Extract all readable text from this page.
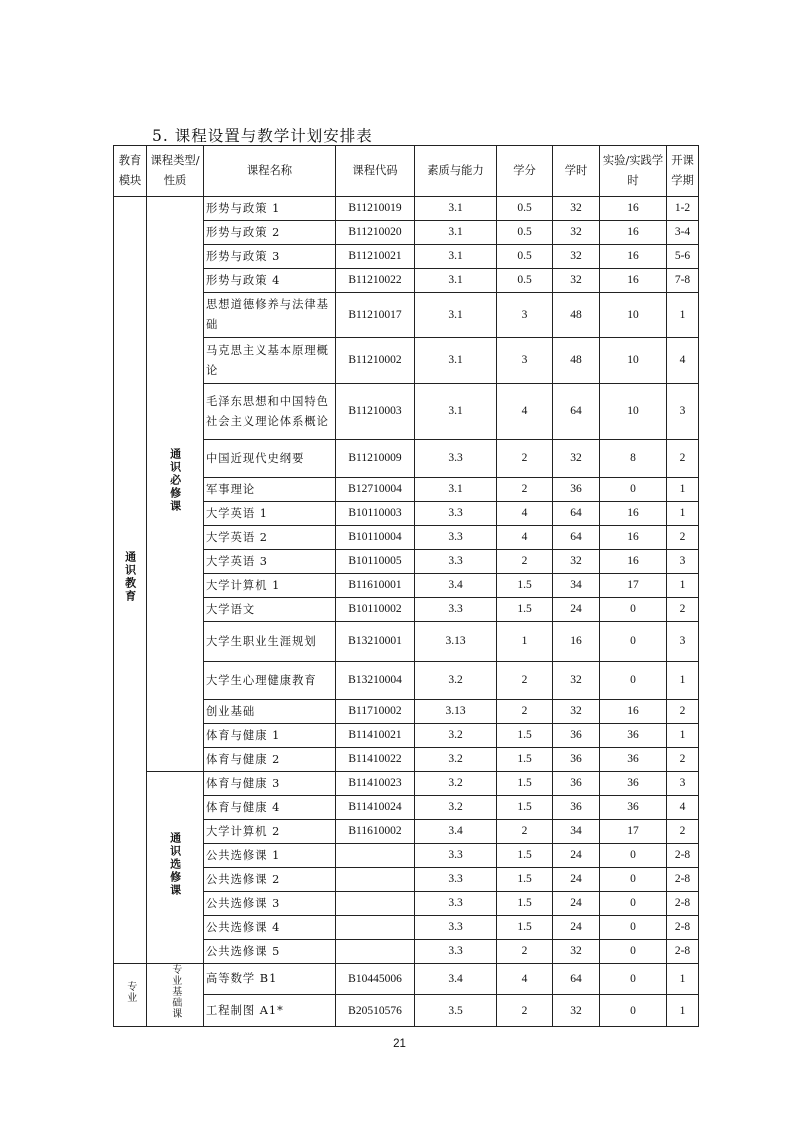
5. 课程设置与教学计划安排表
教育模块	课程类型/性质	课程名称	课程代码	素质与能力	学分	学时	实验/实践学时	开课学期
通识教育	通识必修课	形势与政策 1	B11210019	3.1	0.5	32	16	1-2
		形势与政策 2	B11210020	3.1	0.5	32	16	3-4
		形势与政策 3	B11210021	3.1	0.5	32	16	5-6
		形势与政策 4	B11210022	3.1	0.5	32	16	7-8
		思想道德修养与法律基础	B11210017	3.1	3	48	10	1
		马克思主义基本原理概论	B11210002	3.1	3	48	10	4
		毛泽东思想和中国特色社会主义理论体系概论	B11210003	3.1	4	64	10	3
		中国近现代史纲要	B11210009	3.3	2	32	8	2
		军事理论	B12710004	3.1	2	36	0	1
		大学英语 1	B10110003	3.3	4	64	16	1
		大学英语 2	B10110004	3.3	4	64	16	2
		大学英语 3	B10110005	3.3	2	32	16	3
		大学计算机 1	B11610001	3.4	1.5	34	17	1
		大学语文	B10110002	3.3	1.5	24	0	2
		大学生职业生涯规划	B13210001	3.13	1	16	0	3
		大学生心理健康教育	B13210004	3.2	2	32	0	1
		创业基础	B11710002	3.13	2	32	16	2
		体育与健康 1	B11410021	3.2	1.5	36	36	1
		体育与健康 2	B11410022	3.2	1.5	36	36	2
	通识选修课	体育与健康 3	B11410023	3.2	1.5	36	36	3
		体育与健康 4	B11410024	3.2	1.5	36	36	4
		大学计算机 2	B11610002	3.4	2	34	17	2
		公共选修课 1		3.3	1.5	24	0	2-8
		公共选修课 2		3.3	1.5	24	0	2-8
		公共选修课 3		3.3	1.5	24	0	2-8
		公共选修课 4		3.3	1.5	24	0	2-8
		公共选修课 5		3.3	2	32	0	2-8
专业	专业基础课	高等数学 B1	B10445006	3.4	4	64	0	1
		工程制图 A1*	B20510576	3.5	2	32	0	1
21
